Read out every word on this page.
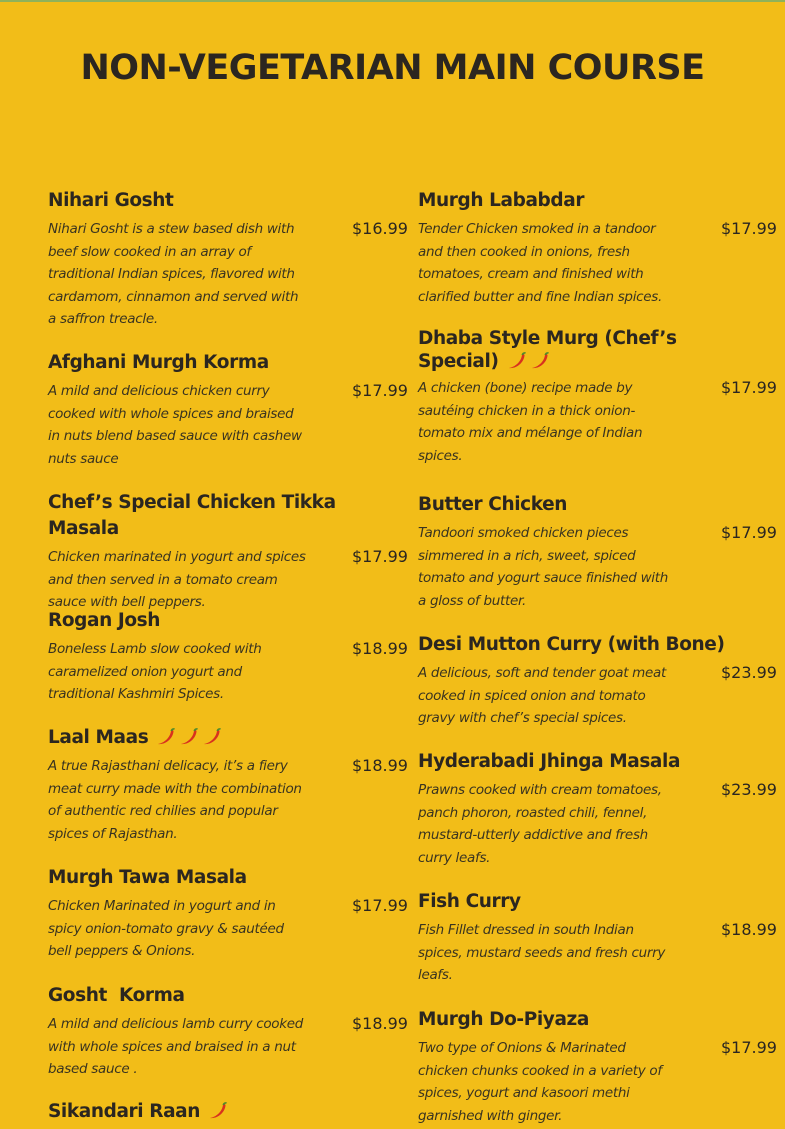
NON-VEGETARIAN MAIN COURSE
Nihari Gosht
Nihari Gosht is a stew based dish with beef slow cooked in an array of traditional Indian spices, flavored with cardamom, cinnamon and served with a saffron treacle.
$16.99
Afghani Murgh Korma
A mild and delicious chicken curry cooked with whole spices and braised in nuts blend based sauce with cashew nuts sauce
$17.99
Chef’s Special Chicken Tikka Masala
Chicken marinated in yogurt and spices and then served in a tomato cream sauce with bell peppers.
$17.99
Rogan Josh
Boneless Lamb slow cooked with caramelized onion yogurt and traditional Kashmiri Spices.
$18.99
Laal Maas
A true Rajasthani delicacy, it’s a fiery meat curry made with the combination of authentic red chilies and popular spices of Rajasthan.
$18.99
Murgh Tawa Masala
Chicken Marinated in yogurt and in spicy onion-tomato gravy & sautéed bell peppers & Onions.
$17.99
Gosht  Korma
A mild and delicious lamb curry cooked with whole spices and braised in a nut based sauce .
$18.99
Sikandari Raan
Murgh Lababdar
Tender Chicken smoked in a tandoor and then cooked in onions, fresh tomatoes, cream and finished with clarified butter and fine Indian spices.
$17.99
Dhaba Style Murg (Chef’s Special)
A chicken (bone) recipe made by sautéing chicken in a thick onion-tomato mix and mélange of Indian spices.
$17.99
Butter Chicken
Tandoori smoked chicken pieces simmered in a rich, sweet, spiced tomato and yogurt sauce finished with a gloss of butter.
$17.99
Desi Mutton Curry (with Bone)
A delicious, soft and tender goat meat cooked in spiced onion and tomato gravy with chef’s special spices.
$23.99
Hyderabadi Jhinga Masala
Prawns cooked with cream tomatoes, panch phoron, roasted chili, fennel, mustard-utterly addictive and fresh curry leafs.
$23.99
Fish Curry
Fish Fillet dressed in south Indian spices, mustard seeds and fresh curry leafs.
$18.99
Murgh Do-Piyaza
Two type of Onions & Marinated chicken chunks cooked in a variety of spices, yogurt and kasoori methi garnished with ginger.
$17.99
